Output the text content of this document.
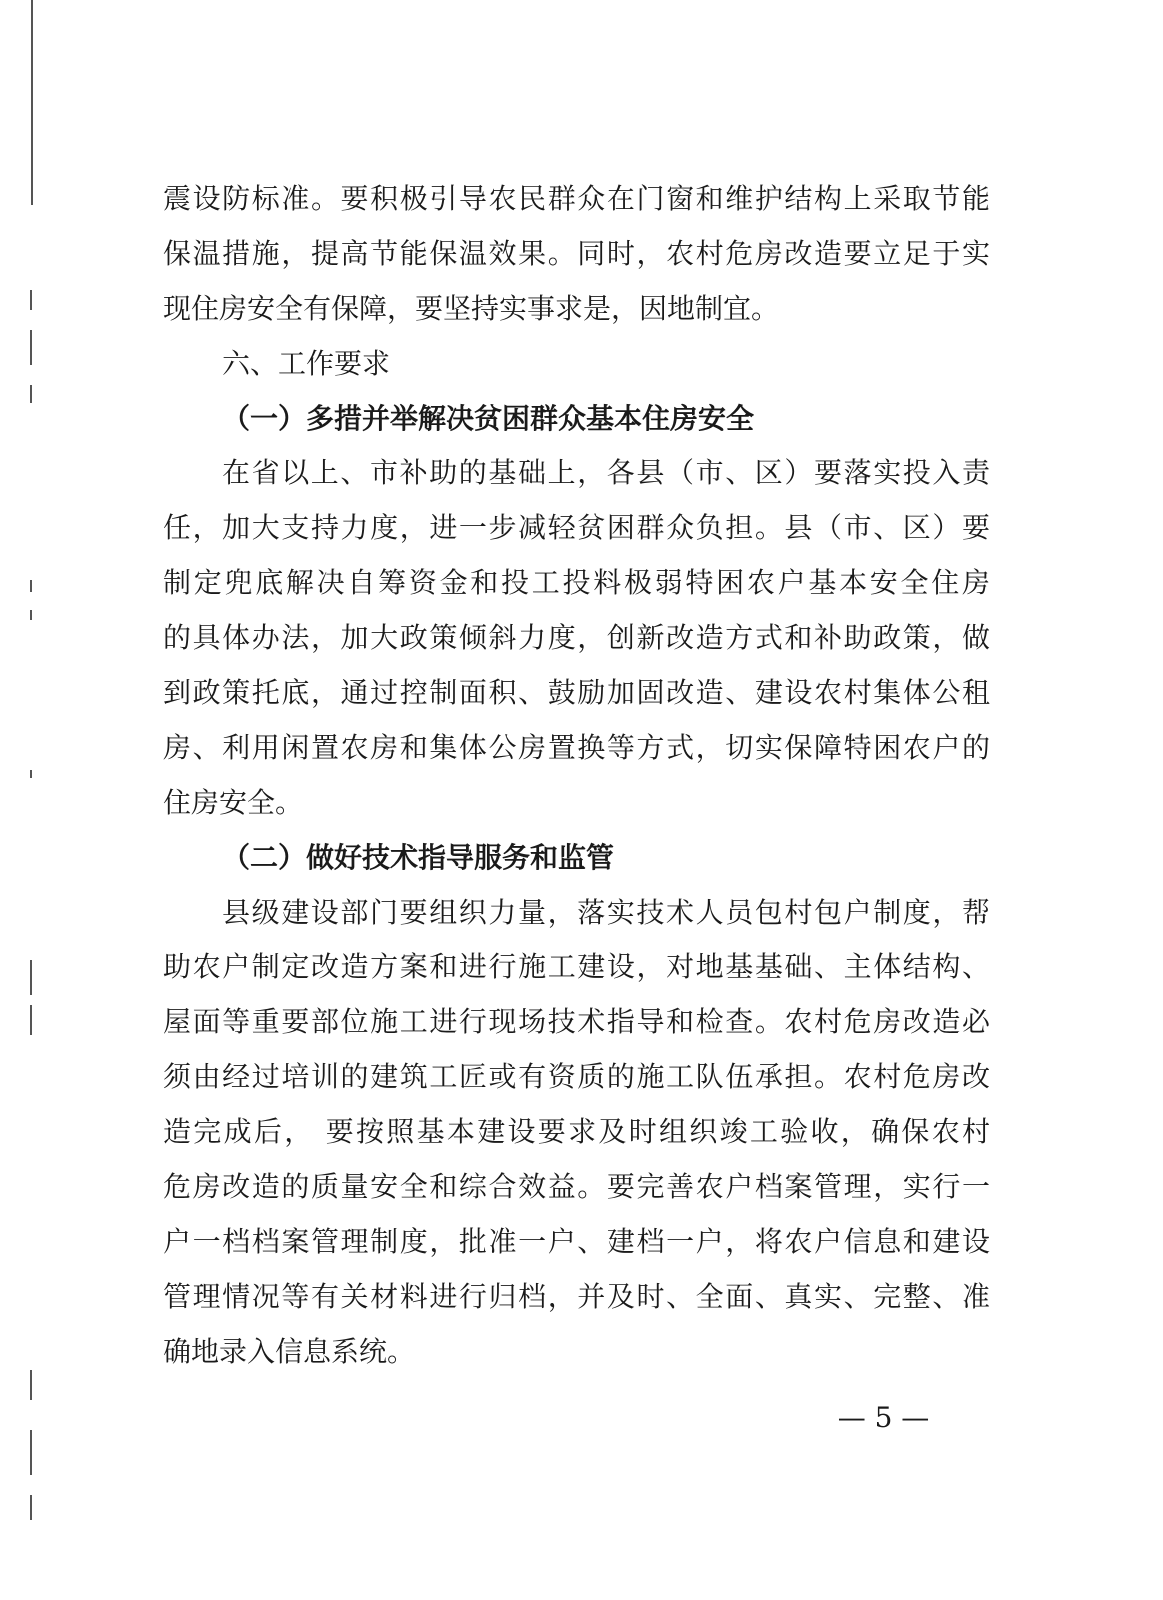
震设防标准。要积极引导农民群众在门窗和维护结构上采取节能
保温措施，提高节能保温效果。同时，农村危房改造要立足于实
现住房安全有保障，要坚持实事求是，因地制宜。
六、工作要求
（一）多措并举解决贫困群众基本住房安全
在省以上、市补助的基础上，各县（市、区）要落实投入责
任，加大支持力度，进一步减轻贫困群众负担。县（市、区）要
制定兜底解决自筹资金和投工投料极弱特困农户基本安全住房
的具体办法，加大政策倾斜力度，创新改造方式和补助政策，做
到政策托底，通过控制面积、鼓励加固改造、建设农村集体公租
房、利用闲置农房和集体公房置换等方式，切实保障特困农户的
住房安全。
（二）做好技术指导服务和监管
县级建设部门要组织力量，落实技术人员包村包户制度，帮
助农户制定改造方案和进行施工建设，对地基基础、主体结构、
屋面等重要部位施工进行现场技术指导和检查。农村危房改造必
须由经过培训的建筑工匠或有资质的施工队伍承担。农村危房改
造完成后， 要按照基本建设要求及时组织竣工验收，确保农村
危房改造的质量安全和综合效益。要完善农户档案管理，实行一
户一档档案管理制度，批准一户、建档一户，将农户信息和建设
管理情况等有关材料进行归档，并及时、全面、真实、完整、准
确地录入信息系统。
— 5 —
